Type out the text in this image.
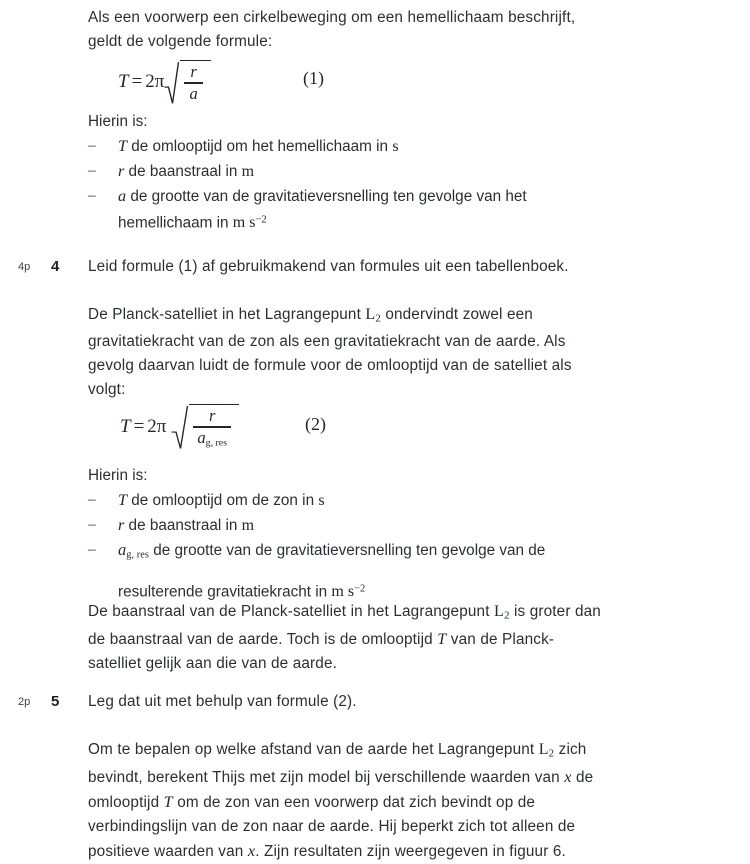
Als een voorwerp een cirkelbeweging om een hemellichaam beschrijft,
geldt de volgende formule:
$T = 2\pi \frac{r}{a}$	(1)
Hierin is:
– T de omlooptijd om het hemellichaam in s
– r de baanstraal in m
– a de grootte van de gravitatieversnelling ten gevolge van het
hemellichaam in m $s^{-2}$
4p 4 Leid formule (1) af gebruikmakend van formules uit een tabellenboek.
De Planck-satelliet in het Lagrangepunt $L_2$ ondervindt zowel een
gravitatiekracht van de zon als een gravitatiekracht van de aarde. Als
gevolg daarvan luidt de formule voor de omlooptijd van de satelliet als
volgt:
$T = 2\pi \frac{r}{a_{g, res}}$	(2)
Hierin is:
– T de omlooptijd om de zon in s
– r de baanstraal in m
– $a_{g, res}$ de grootte van de gravitatieversnelling ten gevolge van de
resulterende gravitatiekracht in m $s^{-2}$
De baanstraal van de Planck-satelliet in het Lagrangepunt $L_2$ is groter dan
de baanstraal van de aarde. Toch is de omlooptijd T van de Planck-
satelliet gelijk aan die van de aarde.
2p 5 Leg dat uit met behulp van formule (2).
Om te bepalen op welke afstand van de aarde het Lagrangepunt $L_2$ zich
bevindt, berekent Thijs met zijn model bij verschillende waarden van x de
omlooptijd T om de zon van een voorwerp dat zich bevindt op de
verbindingslijn van de zon naar de aarde. Hij beperkt zich tot alleen de
positieve waarden van x. Zijn resultaten zijn weergegeven in figuur 6.
